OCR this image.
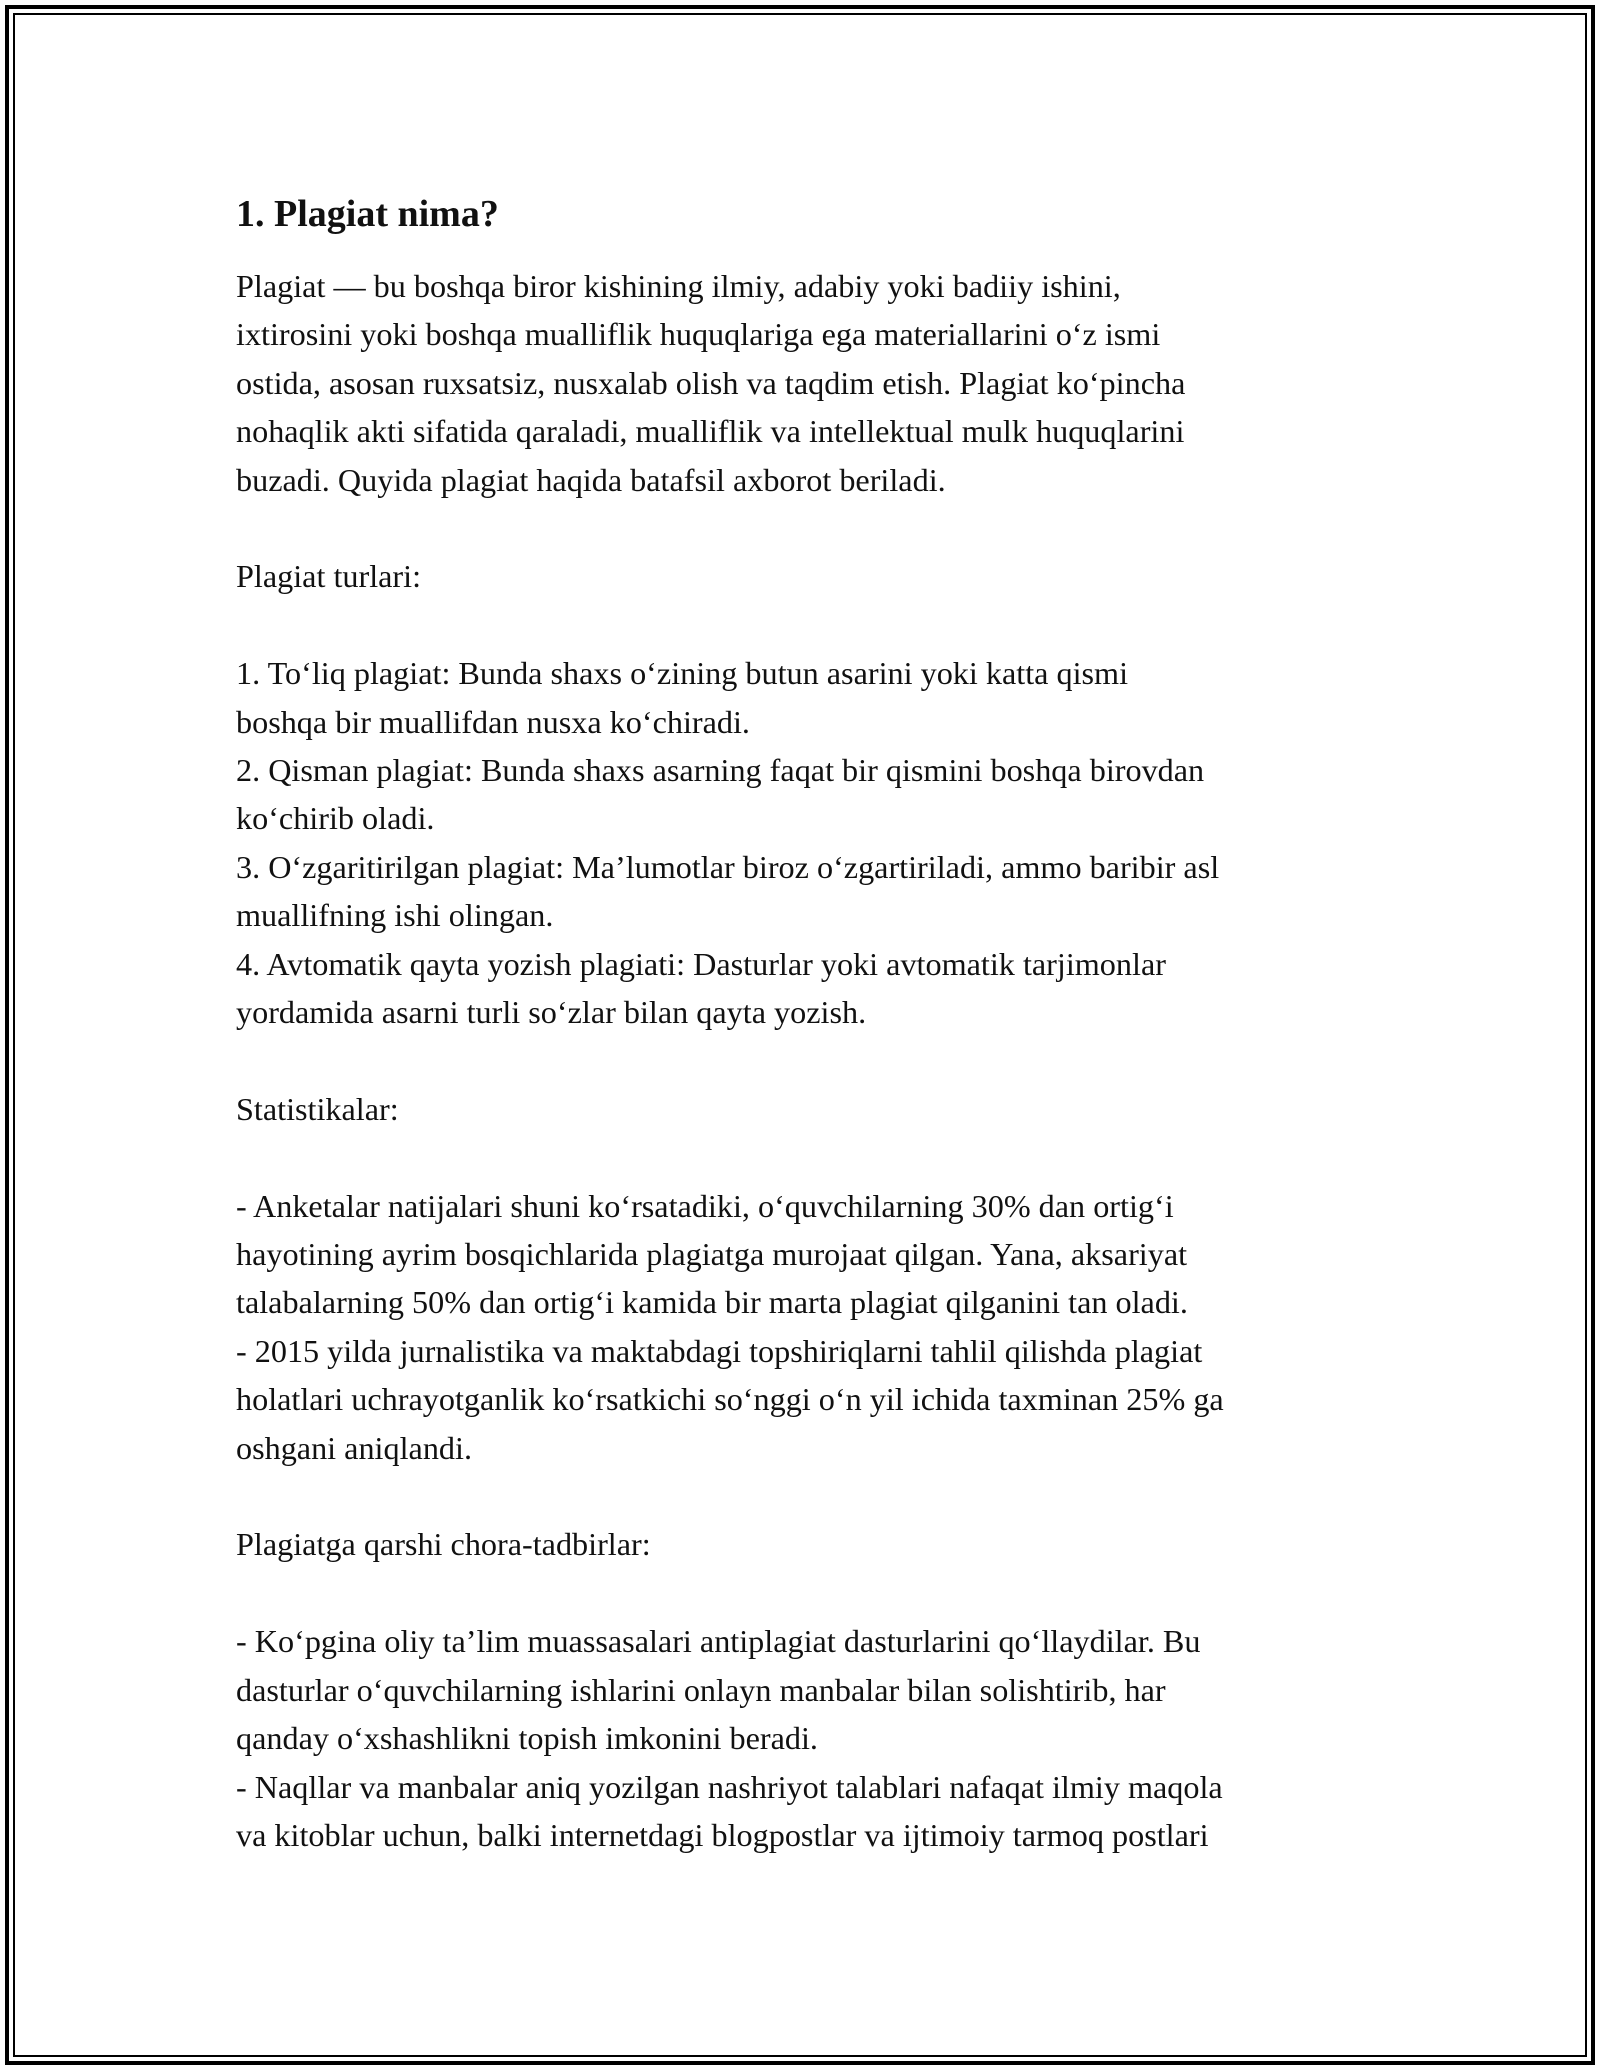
1. Plagiat nima?
Plagiat — bu boshqa biror kishining ilmiy, adabiy yoki badiiy ishini,
ixtirosini yoki boshqa mualliflik huquqlariga ega materiallarini o‘z ismi
ostida, asosan ruxsatsiz, nusxalab olish va taqdim etish. Plagiat ko‘pincha
nohaqlik akti sifatida qaraladi, mualliflik va intellektual mulk huquqlarini
buzadi. Quyida plagiat haqida batafsil axborot beriladi.
Plagiat turlari:
1. To‘liq plagiat: Bunda shaxs o‘zining butun asarini yoki katta qismi
boshqa bir muallifdan nusxa ko‘chiradi.
2. Qisman plagiat: Bunda shaxs asarning faqat bir qismini boshqa birovdan
ko‘chirib oladi.
3. O‘zgaritirilgan plagiat: Ma’lumotlar biroz o‘zgartiriladi, ammo baribir asl
muallifning ishi olingan.
4. Avtomatik qayta yozish plagiati: Dasturlar yoki avtomatik tarjimonlar
yordamida asarni turli so‘zlar bilan qayta yozish.
Statistikalar:
- Anketalar natijalari shuni ko‘rsatadiki, o‘quvchilarning 30% dan ortig‘i
hayotining ayrim bosqichlarida plagiatga murojaat qilgan. Yana, aksariyat
talabalarning 50% dan ortig‘i kamida bir marta plagiat qilganini tan oladi.
- 2015 yilda jurnalistika va maktabdagi topshiriqlarni tahlil qilishda plagiat
holatlari uchrayotganlik ko‘rsatkichi so‘nggi o‘n yil ichida taxminan 25% ga
oshgani aniqlandi.
Plagiatga qarshi chora-tadbirlar:
- Ko‘pgina oliy ta’lim muassasalari antiplagiat dasturlarini qo‘llaydilar. Bu
dasturlar o‘quvchilarning ishlarini onlayn manbalar bilan solishtirib, har
qanday o‘xshashlikni topish imkonini beradi.
- Naqllar va manbalar aniq yozilgan nashriyot talablari nafaqat ilmiy maqola
va kitoblar uchun, balki internetdagi blogpostlar va ijtimoiy tarmoq postlari
